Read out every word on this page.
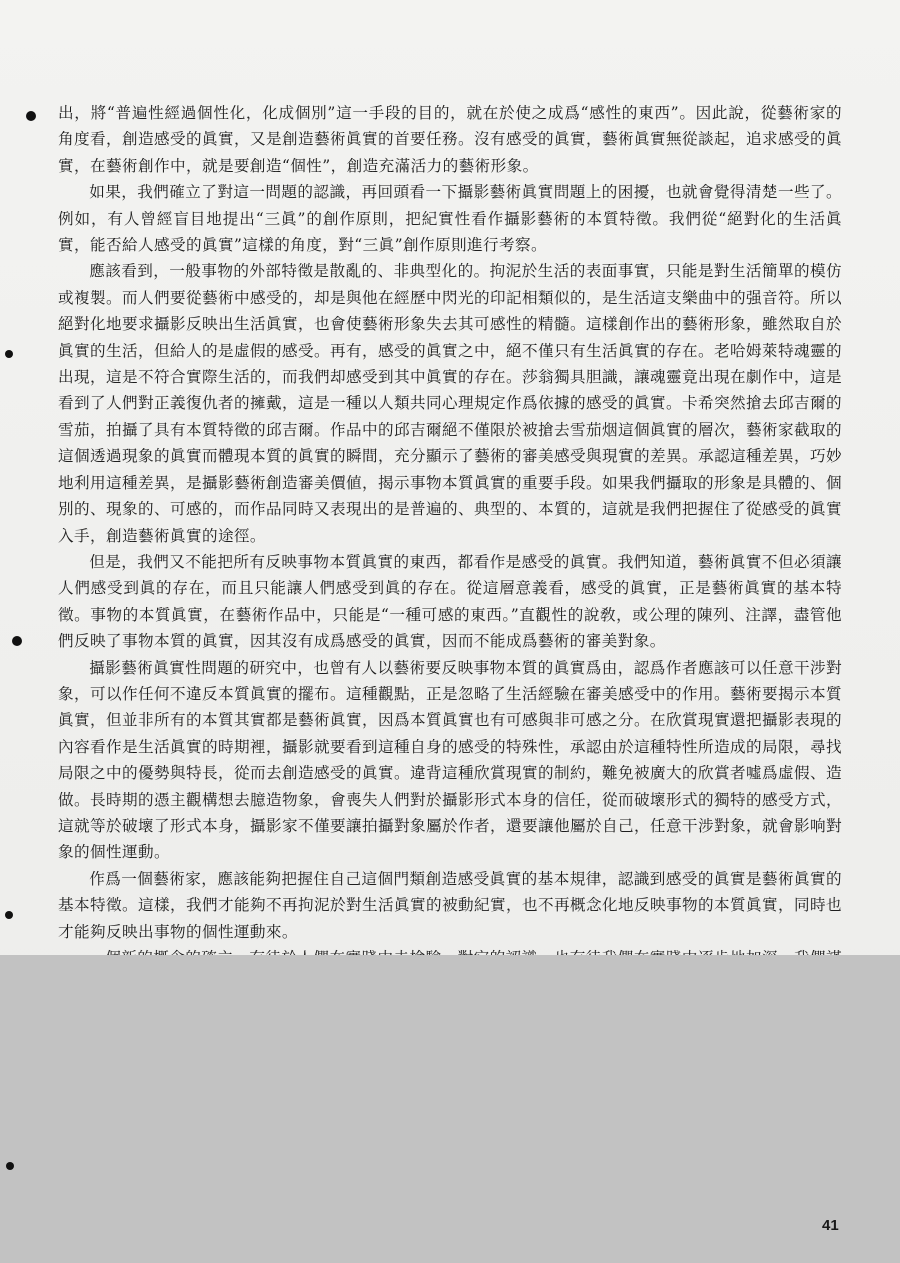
出，將“普遍性經過個性化，化成個別”這一手段的目的，就在於使之成爲“感性的東西”。因此說，從藝術家的角度看，創造感受的眞實，又是創造藝術眞實的首要任務。沒有感受的眞實，藝術眞實無從談起，追求感受的眞實，在藝術創作中，就是要創造“個性”，創造充滿活力的藝術形象。

如果，我們確立了對這一問題的認識，再回頭看一下攝影藝術眞實問題上的困擾，也就會覺得清楚一些了。例如，有人曾經盲目地提出“三眞”的創作原則，把紀實性看作攝影藝術的本質特徵。我們從“絕對化的生活眞實，能否給人感受的眞實”這樣的角度，對“三眞”創作原則進行考察。

應該看到，一般事物的外部特徵是散亂的、非典型化的。拘泥於生活的表面事實，只能是對生活簡單的模仿或複製。而人們要從藝術中感受的，却是與他在經歷中閃光的印記相類似的，是生活這支樂曲中的强音符。所以絕對化地要求攝影反映出生活眞實，也會使藝術形象失去其可感性的精髓。這樣創作出的藝術形象，雖然取自於眞實的生活，但給人的是虛假的感受。再有，感受的眞實之中，絕不僅只有生活眞實的存在。老哈姆萊特魂靈的出現，這是不符合實際生活的，而我們却感受到其中眞實的存在。莎翁獨具胆識，讓魂靈竟出現在劇作中，這是看到了人們對正義復仇者的擁戴，這是一種以人類共同心理規定作爲依據的感受的眞實。卡希突然搶去邱吉爾的雪茄，拍攝了具有本質特徵的邱吉爾。作品中的邱吉爾絕不僅限於被搶去雪茄烟這個眞實的層次，藝術家截取的這個透過現象的眞實而體現本質的眞實的瞬間，充分顯示了藝術的審美感受與現實的差異。承認這種差異，巧妙地利用這種差異，是攝影藝術創造審美價値，揭示事物本質眞實的重要手段。如果我們攝取的形象是具體的、個別的、現象的、可感的，而作品同時又表現出的是普遍的、典型的、本質的，這就是我們把握住了從感受的眞實入手，創造藝術眞實的途徑。

但是，我們又不能把所有反映事物本質眞實的東西，都看作是感受的眞實。我們知道，藝術眞實不但必須讓人們感受到眞的存在，而且只能讓人們感受到眞的存在。從這層意義看，感受的眞實，正是藝術眞實的基本特徵。事物的本質眞實，在藝術作品中，只能是“一種可感的東西。”直觀性的說敎，或公理的陳列、注譯，盡管他們反映了事物本質的眞實，因其沒有成爲感受的眞實，因而不能成爲藝術的審美對象。

攝影藝術眞實性問題的研究中，也曾有人以藝術要反映事物本質的眞實爲由，認爲作者應該可以任意干涉對象，可以作任何不違反本質眞實的擺布。這種觀點，正是忽略了生活經驗在審美感受中的作用。藝術要揭示本質眞實，但並非所有的本質其實都是藝術眞實，因爲本質眞實也有可感與非可感之分。在欣賞現實還把攝影表現的內容看作是生活眞實的時期裡，攝影就要看到這種自身的感受的特殊性，承認由於這種特性所造成的局限，尋找局限之中的優勢與特長，從而去創造感受的眞實。違背這種欣賞現實的制約，難免被廣大的欣賞者噓爲虛假、造做。長時期的憑主觀構想去臆造物象，會喪失人們對於攝影形式本身的信任，從而破壞形式的獨特的感受方式，這就等於破壞了形式本身，攝影家不僅要讓拍攝對象屬於作者，還要讓他屬於自己，任意干涉對象，就會影响對象的個性運動。

作爲一個藝術家，應該能夠把握住自己這個門類創造感受眞實的基本規律，認識到感受的眞實是藝術眞實的基本特徵。這樣，我們才能夠不再拘泥於對生活眞實的被動紀實，也不再概念化地反映事物的本質眞實，同時也才能夠反映出事物的個性運動來。

41
